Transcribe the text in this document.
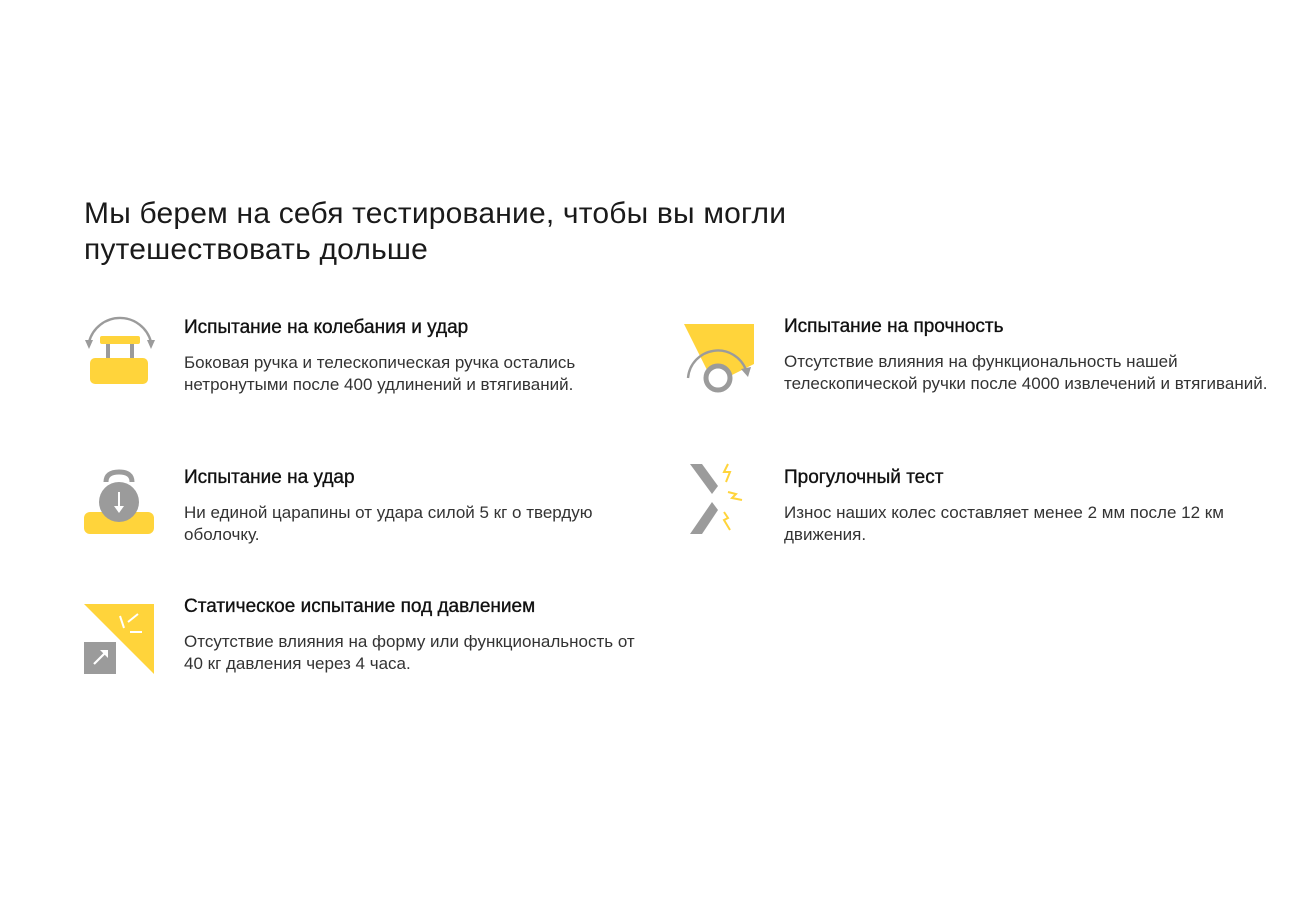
Мы берем на себя тестирование, чтобы вы могли путешествовать дольше
Испытание на колебания и удар

Боковая ручка и телескопическая ручка остались нетронутыми после 400 удлинений и втягиваний.

Испытание на прочность

Отсутствие влияния на функциональность нашей телескопической ручки после 4000 извлечений и втягиваний.

Испытание на удар

Ни единой царапины от удара силой 5 кг о твердую оболочку.

Прогулочный тест

Износ наших колес составляет менее 2 мм после 12 км движения.

Статическое испытание под давлением

Отсутствие влияния на форму или функциональность от 40 кг давления через 4 часа.
